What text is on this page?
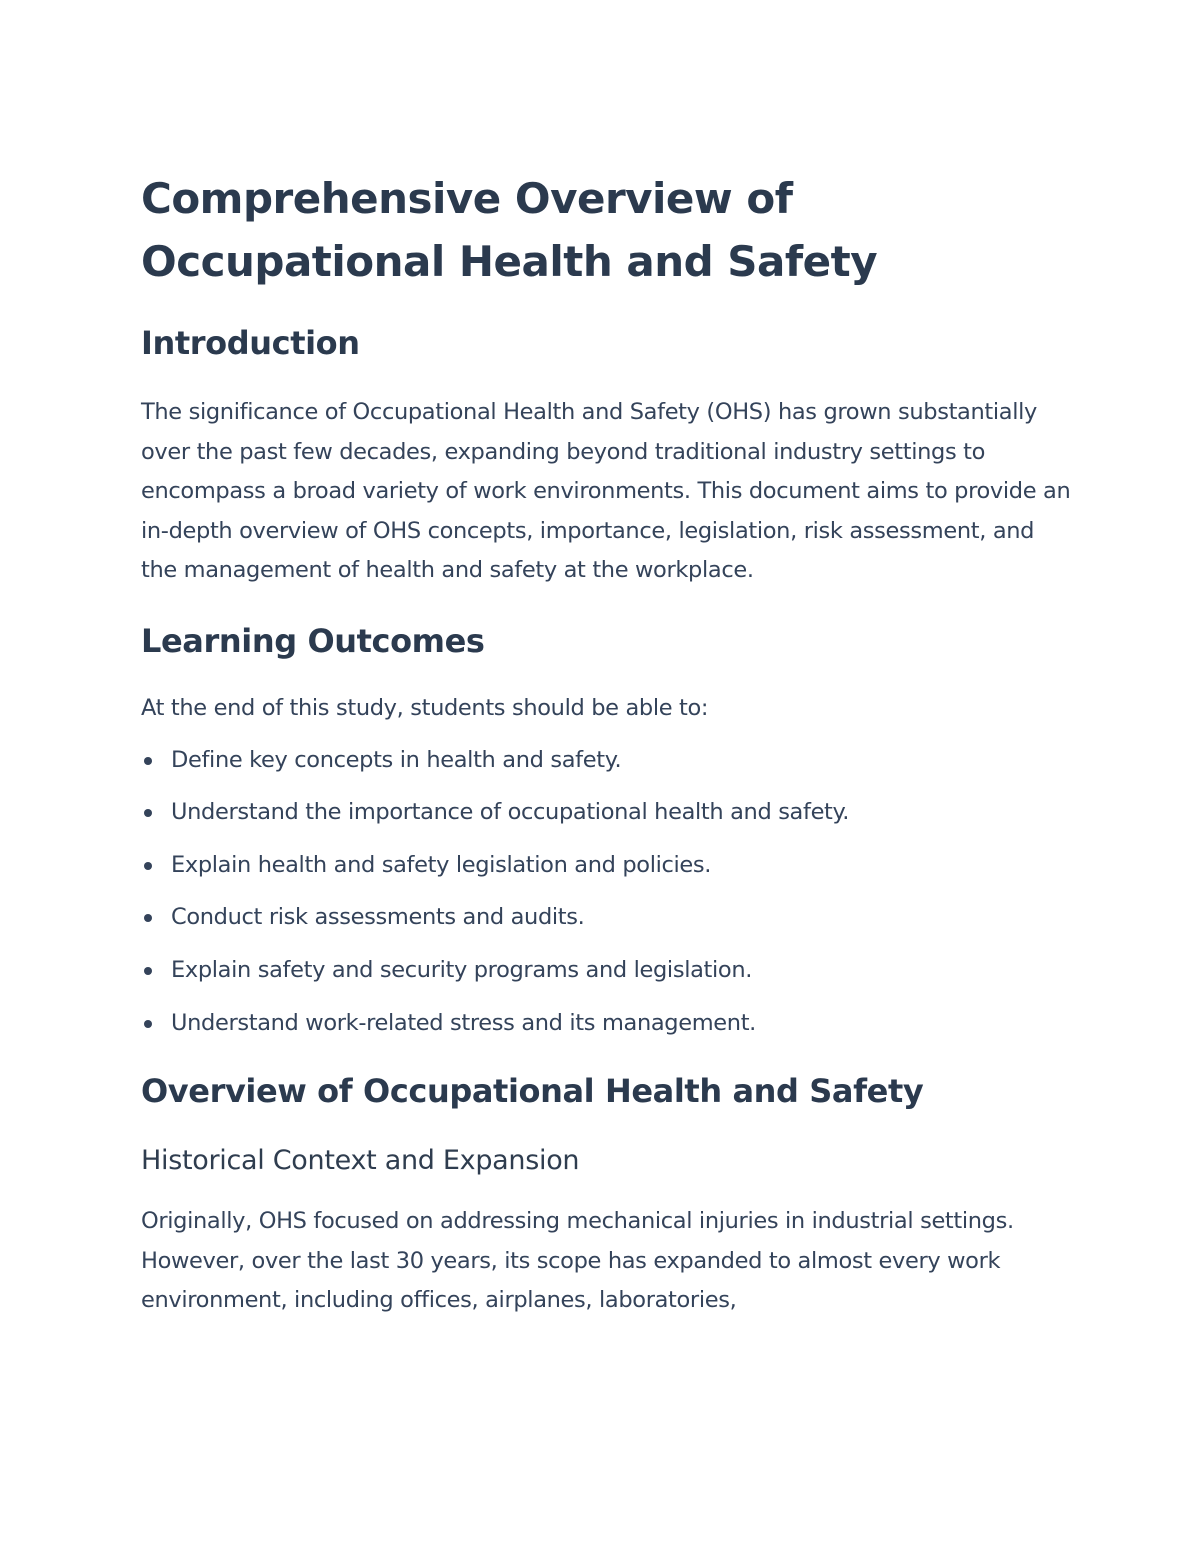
Comprehensive Overview of Occupational Health and Safety
Introduction

The significance of Occupational Health and Safety (OHS) has grown substantially over the past few decades, expanding beyond traditional industry settings to encompass a broad variety of work environments. This document aims to provide an in-depth overview of OHS concepts, importance, legislation, risk assessment, and the management of health and safety at the workplace.

Learning Outcomes

At the end of this study, students should be able to:

Define key concepts in health and safety.
Understand the importance of occupational health and safety.
Explain health and safety legislation and policies.
Conduct risk assessments and audits.
Explain safety and security programs and legislation.
Understand work-related stress and its management.
Overview of Occupational Health and Safety
Historical Context and Expansion

Originally, OHS focused on addressing mechanical injuries in industrial settings. However, over the last 30 years, its scope has expanded to almost every work environment, including offices, airplanes, laboratories,
